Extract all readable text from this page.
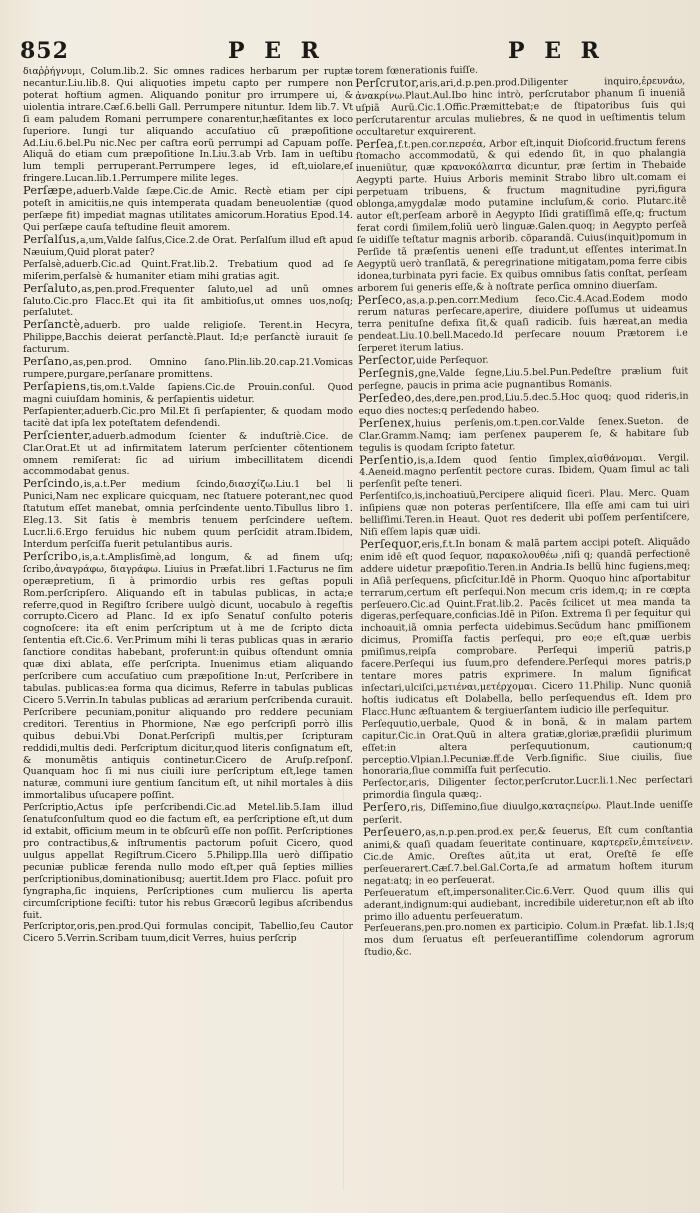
852	P E R	P E R

διαῤῥήγνυμι, Colum.lib.2. Sic omnes radices herbarum per ruptæ necantur.Liu.lib.8. Qui aliquoties impetu capto per rumpere non poterat hoftium agmen. Aliquando ponitur pro irrumpere ui, & uiolentia intrare.Cæſ.6.belli Gall. Perrumpere nituntur. Idem lib.7. Vt ſi eam paludem Romani perrumpere conarentur,hæſitantes ex loco ſuperiore. Iungi tur aliquando accuſatiuo cũ præpoſitione Ad.Liu.6.bel.Pu nic.Nec per caſtra eorũ perrumpi ad Capuam poſſe. Aliquã do etiam cum præpoſitione In.Liu.3.ab Vrb. Iam in ueſtibu lum templi perruperant.Perrumpere leges, id eſt,uiolare,eſ fringere.Lucan.lib.1.Perrumpere milite leges.

Perſæpe,aduerb.Valde ſæpe.Cic.de Amic. Rectè etiam per cipi poteſt in amicitiis,ne quis intemperata quadam beneuolentiæ (quod perſæpe fit) impediat magnas utilitates amicorum.Horatius Epod.14. Qui perſæpe cauſa teſtudine fleuit amorem.

Perſalſus,a,um,Valde ſalſus,Cice.2.de Orat. Perſalſum illud eſt apud Næuium,Quid plorat pater?

Perſalsè,aduerb.Cic.ad Quint.Frat.lib.2. Trebatium quod ad ſe miſerim,perſalsè & humaniter etiam mihi gratias agit.

Perſaluto,as,pen.prod.Frequenter ſaluto,uel ad unũ omnes ſaluto.Cic.pro Flacc.Et qui ita ſit ambitioſus,ut omnes uos,noſq; perſalutet.

Perſanctè,aduerb. pro ualde religioſe. Terent.in Hecyra, Philippe,Bacchis deierat perſanctè.Plaut. Id;e perſanctè iurauit ſe facturum.

Perſano,as,pen.prod. Omnino ſano.Plin.lib.20.cap.21.Vomicas rumpere,purgare,perſanare promittens.

Perſapiens,tis,om.t.Valde ſapiens.Cic.de Prouin.conſul. Quod magni cuiuſdam hominis, & perſapientis uidetur.

Perſapienter,aduerb.Cic.pro Mil.Et ſi perſapienter, & quodam modo tacitè dat ipſa lex poteſtatem defendendi.

Perſcienter,aduerb.admodum ſcienter & induſtriè.Cice. de Clar.Orat.Et ut ad infirmitatem laterum perſcienter cõtentionem omnem remiſerat: ſic ad uirium imbecillitatem dicendi accommodabat genus.

Perſcindo,is,a.t.Per medium ſcindo,διασχίζω.Liu.1 bel li Punici,Nam nec explicare quicquam, nec ſtatuere poterant,nec quod ſtatutum eſſet manebat, omnia perſcindente uento.Tibullus libro 1. Eleg.13. Sit ſatis è membris tenuem perſcindere ueſtem. Lucr.li.6.Ergo feruidus hic nubem quum perſcidit atram.Ibidem, Interdum perſciſſa fuerit petulantibus auris.

Perſcribo,is,a.t.Amplisſimè,ad longum, & ad finem uſq; ſcribo,ἀναγράφω, διαγράφω. Liuius in Præfat.libri 1.Facturus ne ſim operæpretium, ſi à primordio urbis res geſtas populi Rom.perſcripſero. Aliquando eſt in tabulas publicas, in acta;e referre,quod in Regiſtro ſcribere uulgò dicunt, uocabulo à regeſtis corrupto.Cicero ad Planc. Id ex ipſo Senatuſ conſulto poteris cognoſcere: ita eſt enim perſcriptum ut à me de ſcripto dicta ſententia eſt.Cic.6. Ver.Primum mihi li teras publicas quas in ærario ſanctiore conditas habebant, proferunt:in quibus oſtendunt omnia quæ dixi ablata, eſſe perſcripta. Inuenimus etiam aliquando perſcribere cum accuſatiuo cum præpoſitione In:ut, Perſcribere in tabulas. publicas:ea forma qua dicimus, Referre in tabulas publicas Cicero 5.Verrin.In tabulas publicas ad ærarium perſcribenda curauit. Perſcribere pecuniam,ponitur aliquando pro reddere pecuniam creditori. Terentius in Phormione, Næ ego perſcripſi porrò illis quibus debui.Vbi Donat.Perſcripſi multis,per ſcripturam reddidi,multis dedi. Perſcriptum dicitur,quod literis conſignatum eſt, & monumẽtis antiquis continetur.Cicero de Aruſp.reſponſ. Quanquam hoc ſi mi nus ciuili iure perſcriptum eſt,lege tamen naturæ, communi iure gentium ſancitum eſt, ut nihil mortales à diis immortalibus uſucapere poſſint.

Perſcriptio,Actus ipſe perſcribendi.Cic.ad Metel.lib.5.Iam illud ſenatuſconſultum quod eo die factum eſt, ea perſcriptione eſt,ut dum id extabit, officium meum in te obſcurũ eſſe non poſſit. Perſcriptiones pro contractibus,& inſtrumentis pactorum poſuit Cicero, quod uulgus appellat Regiſtrum.Cicero 5.Philipp.Illa uerò diſſipatio pecuniæ publicæ ferenda nullo modo eſt,per quã ſepties millies perſcriptionibus,dominationibusq; auertit.Idem pro Flacc. poſuit pro ſyngrapha,ſic inquiens, Perſcriptiones cum muliercu lis aperta circumſcriptione feciſti: tutor his rebus Græcorũ legibus aſcribendus fuit.

Perſcriptor,oris,pen.prod.Qui formulas concipit, Tabellio,ſeu Cautor Cicero 5.Verrin.Scribam tuum,dicit Verres, huius perſcrip

torem fœnerationis fuiſſe.

Perſcrutor,aris,ari,d.p.pen.prod.Diligenter inquiro,ἐρευνάω, ἀνακρίνω.Plaut.Aul.Ibo hinc intrò, perſcrutabor phanum ſi inueniã uſpiã Aurũ.Cic.1.Offic.Præmittebat;e de ſtipatoribus ſuis qui perſcrutarentur arculas muliebres, & ne quod in ueſtimentis telum occultaretur exquirerent.

Perſea,f.t.pen.cor.περσέα, Arbor eſt,inquit Dioſcorid.fructum ferens ſtomacho accommodatũ, & qui edendo ſit, in quo phalangia inueniūtur, quæ κρανοκόλαπτα dicuntur, præ ſertim in Thebaide Aegypti parte. Huius Arboris meminit Strabo libro ult.comam ei perpetuam tribuens, & fructum magnitudine pyri,figura oblonga,amygdalæ modo putamine incluſum,& corio. Plutarc.itē autor eſt,perſeam arborē in Aegypto Iſidi gratiſſimã eſſe,q; fructum ferat cordi ſimilem,foliũ uerò linguæ.Galen.quoq; in Aegypto perſeã ſe uidiſſe teſtatur magnis arborib. cõparandã. Cuius(inquit)pomum in Perſide tã præſentis ueneni eſſe tradunt,ut eſſentes interimat.In Aegyptũ uerò tranſlatã, & peregrinatione mitigatam,poma ferre cibis idonea,turbinata pyri facie. Ex quibus omnibus ſatis conſtat, perſeam arborem ſui generis eſſe,& à noſtrate perſica omnino diuerſam.

Perſeco,as,a.p.pen.corr.Medium ſeco.Cic.4.Acad.Eodem modo rerum naturas perſecare,aperire, diuidere poſſumus ut uideamus terra penituſne defixa ſit,& quaſi radicib. ſuis hæreat,an media pendeat.Liu.10.bell.Macedo.Id perſecare nouum Prætorem i.e ſerperet iterum latius.

Perſector,uide Perſequor.

Perſegnis,gne,Valde ſegne,Liu.5.bel.Pun.Pedeſtre prælium fuit perſegne, paucis in prima acie pugnantibus Romanis.

Perſedeo,des,dere,pen.prod,Liu.5.dec.5.Hoc quoq; quod rideris,in equo dies noctes;q perſedendo habeo.

Perſenex,huius perſenis,om.t.pen.cor.Valde ſenex.Sueton. de Clar.Gramm.Namq; iam perſenex pauperem ſe, & habitare ſub tegulis is quodam ſcripto fatetur.

Perſentio,is,a.Idem quod ſentio ſimplex,αἰσθάνομαι. Vergil. 4.Aeneid.magno perſentit pectore curas. Ibidem, Quam ſimul ac tali perſenſit peſte teneri.

Perſentiſco,is,inchoatiuū,Percipere aliquid ſiceri. Plau. Merc. Quam inſipiens quæ non poteras perſentiſcere, Illa eſſe ami cam tui uiri belliſſimi.Teren.in Heaut. Quot res dederit ubi poſſem perſentiſcere, Niſi eſſem lapis quæ uidi.

Perſequor,eris,f.t.In bonam & malã partem accipi poteſt. Aliquãdo enim idē eſt quod ſequor, παρακολουθέω ,niſi q; quandã perfectionē addere uidetur præpoſitio.Teren.in Andria.Is bellũ hinc fugiens,meq; in Aſiã perſequens, pſicſcitur.Idē in Phorm. Quoquo hinc aſportabitur terrarum,certum eſt perſequi.Non mecum cris idem,q; in re cœpta perſeuero.Cic.ad Quint.Frat.lib.2. Pacēs ſcilicet ut mea manda ta digeras,perſequare,conficias.Idē in Piſon. Extrema ſi per ſequitur qui inchoauit,iã omnia perfecta uidebimus.Secũdum hanc pmiſſionem dicimus, Promiſſa factis perſequi, pro eo;e eſt,quæ uerbis pmiſimus,reipſa comprobare. Perſequi imperiũ patris,p facere.Perſequi ius ſuum,pro defendere.Perſequi mores patris,p tentare mores patris exprimere. In malum ſignificat inſectari,ulciſci,μετιέναι,μετέρχομαι. Cicero 11.Philip. Nunc quoniã hoſtis iudicatus eſt Dolabella, bello perſequendus eſt. Idem pro Flacc.Hunc æſtuantem & tergiuerſantem iudicio ille perſequitur.

Perſequutio,uerbale, Quod & in bonã, & in malam partem capitur.Cic.in Orat.Quũ in altera gratiæ,gloriæ,præſidii plurimum eſſet:in altera perſequutionum, cautionum;q perceptio.Vlpian.l.Pecuniæ.ff.de Verb.ſignific. Siue ciuilis, ſiue honoraria,ſiue commiſſa fuit perſecutio.

Perſector,aris, Diligenter ſector,perſcrutor.Lucr.li.1.Nec perſectari primordia ſingula quæq;.

Perſero,ris, Diſſemino,ſiue diuulgo,καταςπείρω. Plaut.Inde ueniſſe perſerit.

Perſeuero,as,n.p.pen.prod.ex per,& ſeuerus, Eſt cum conſtantia animi,& quaſi quadam ſeueritate continuare, καρτερεῖν,ἐπιτείνειν. Cic.de Amic. Oreſtes aūt,ita ut erat, Oreſtē ſe eſſe perſeuerarert.Cæſ.7.bel.Gal.Corta,ſe ad armatum hoſtem iturum negat:atq; in eo perſeuerat.

Perſeueratum eſt,impersonaliter.Cic.6.Verr. Quod quum illis qui aderant,indignum:qui audiebant, incredibile uideretur,non eſt ab iſto primo illo aduentu perſeueratum.

Perſeuerans,pen.pro.nomen ex participio. Colum.in Præfat. lib.1.Is;q mos dum ſeruatus eſt perſeuerantiſſime colendorum agrorum ſtudio,&c.
